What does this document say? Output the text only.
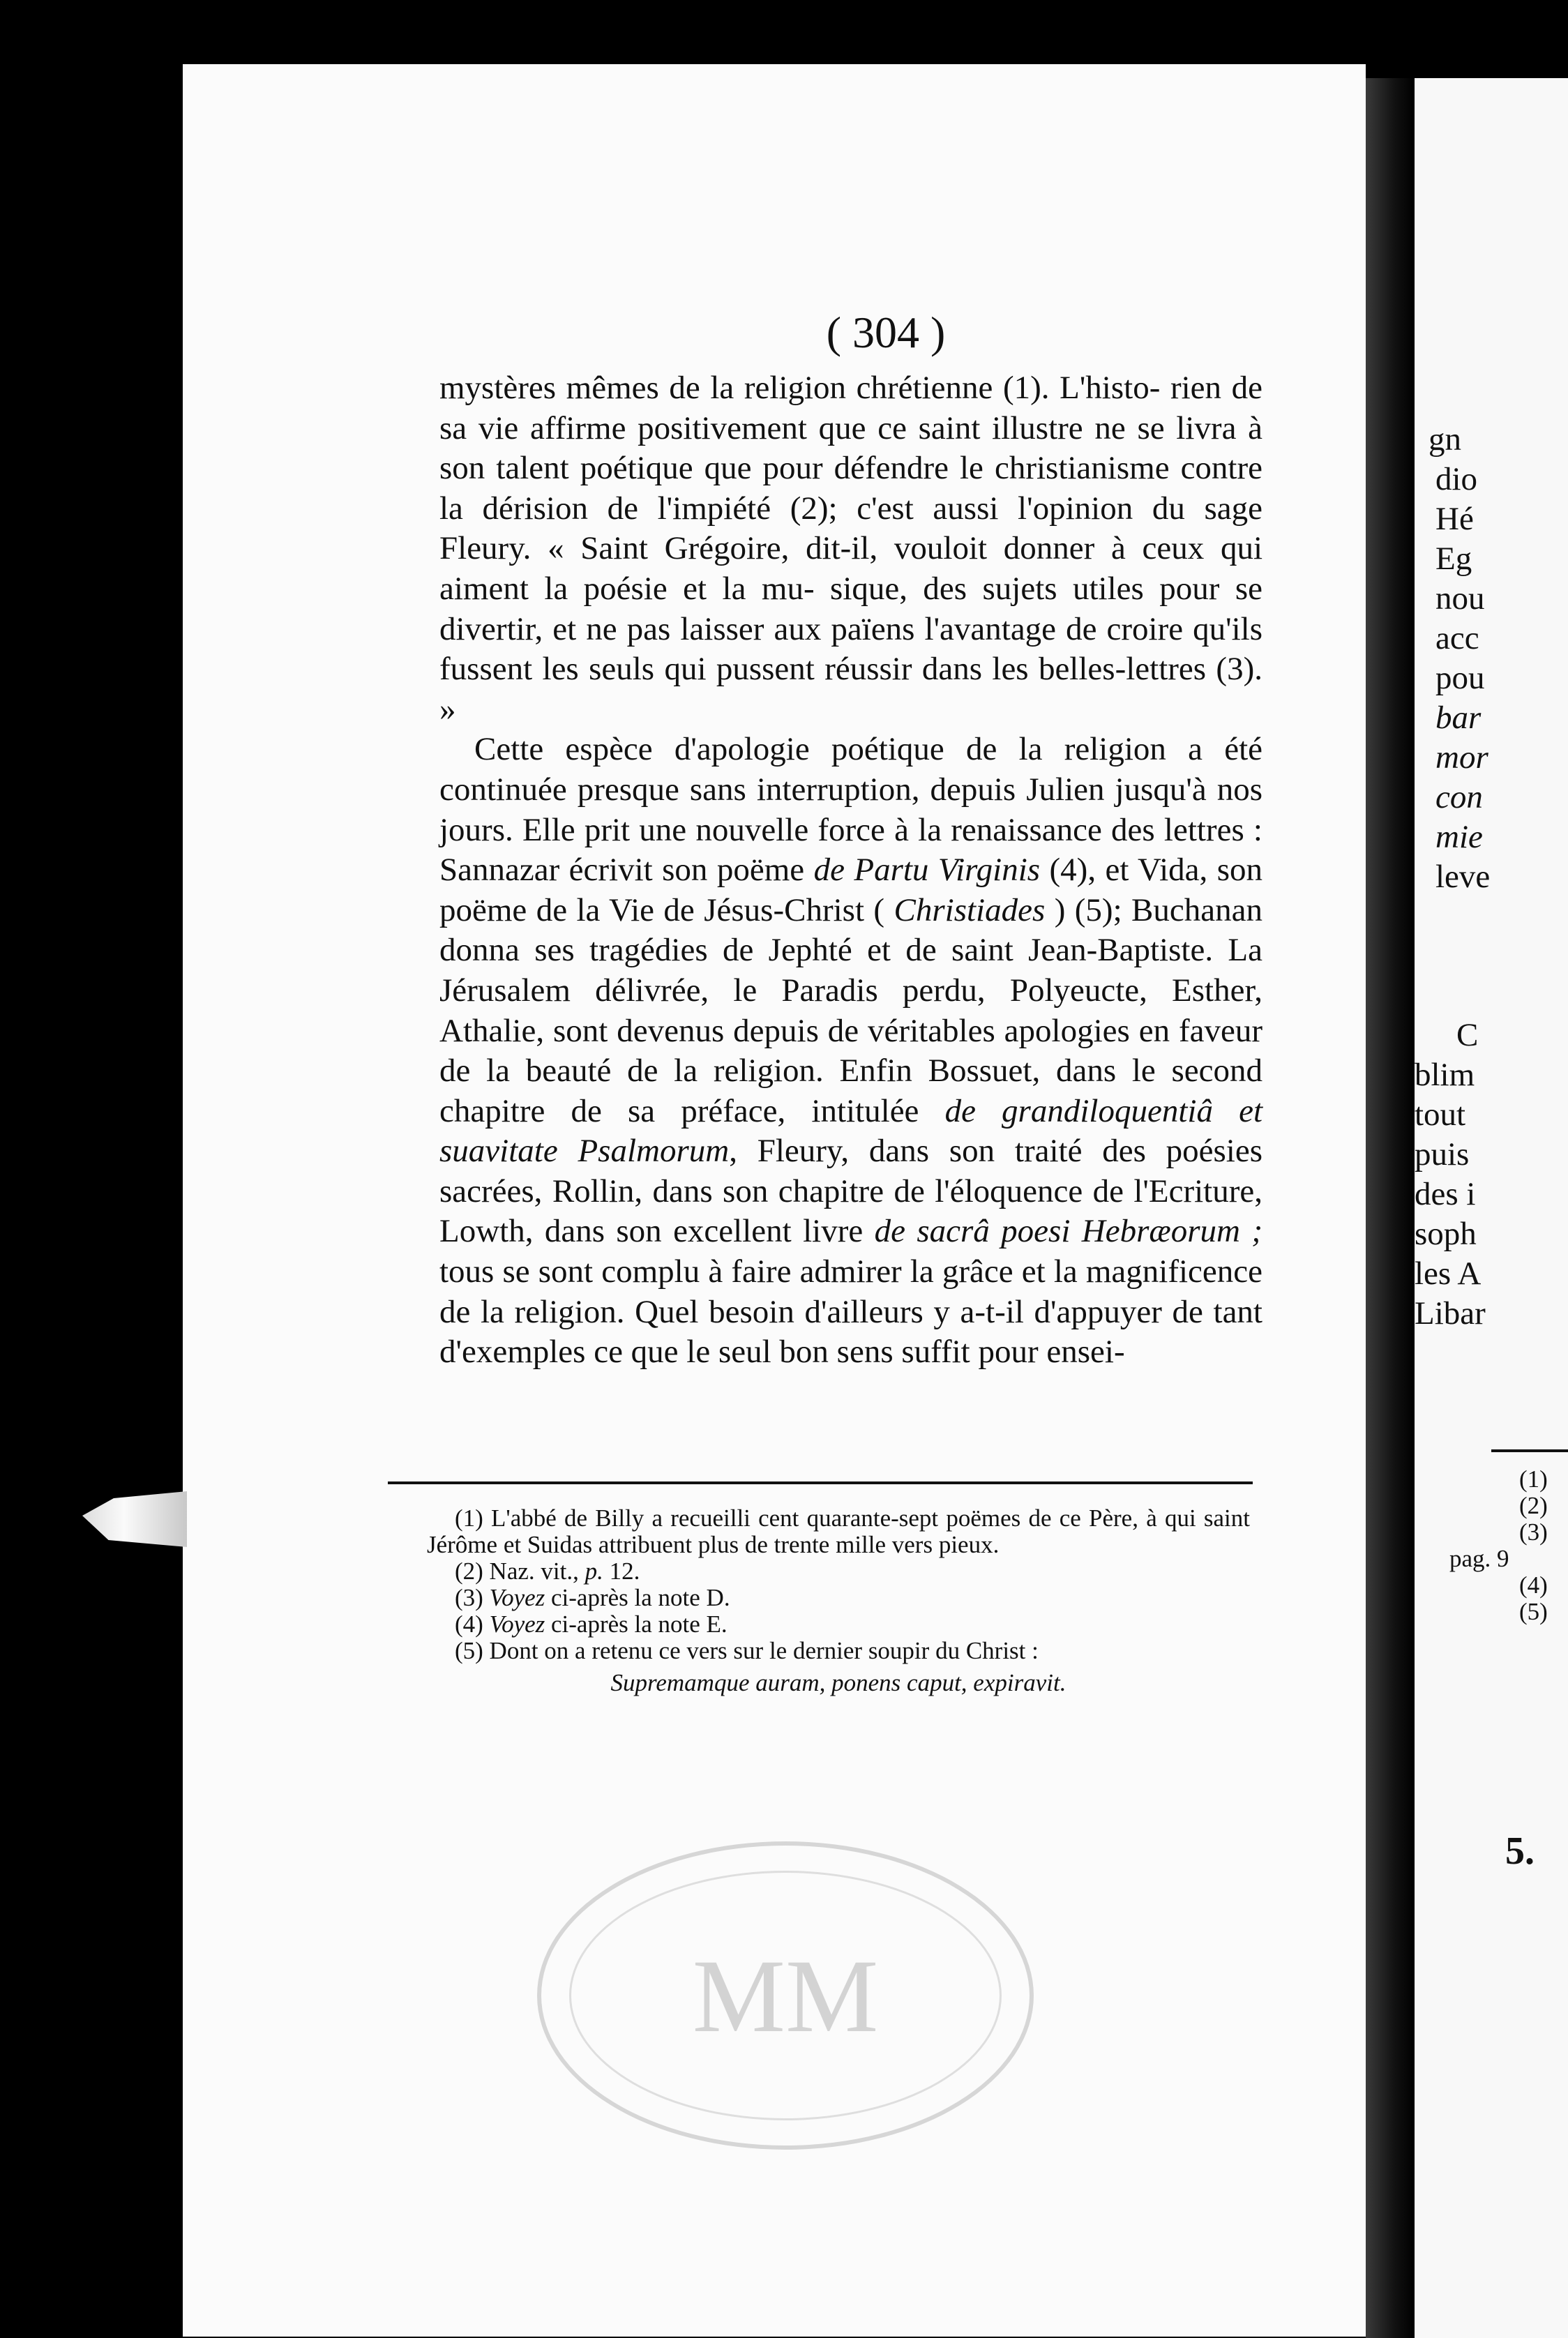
gn
dio
Hé
Eg
nou
acc
pou
bar
mor
con
mie
leve
C
blim
tout
puis
des i
soph
les A
Libar
(1)
(2)
(3)
pag. 9
(4)
(5)
5.
( 304 )

mystères mêmes de la religion chrétienne (1). L'histo- rien de sa vie affirme positivement que ce saint illustre ne se livra à son talent poétique que pour défendre le christianisme contre la dérision de l'impiété (2); c'est aussi l'opinion du sage Fleury. « Saint Grégoire, dit-il, vouloit donner à ceux qui aiment la poésie et la mu- sique, des sujets utiles pour se divertir, et ne pas laisser aux païens l'avantage de croire qu'ils fussent les seuls qui pussent réussir dans les belles-lettres (3). »

Cette espèce d'apologie poétique de la religion a été continuée presque sans interruption, depuis Julien jusqu'à nos jours. Elle prit une nouvelle force à la renaissance des lettres : Sannazar écrivit son poëme de Partu Virginis (4), et Vida, son poëme de la Vie de Jésus-Christ ( Christiades ) (5); Buchanan donna ses tragédies de Jephté et de saint Jean-Baptiste. La Jérusalem délivrée, le Paradis perdu, Polyeucte, Esther, Athalie, sont devenus depuis de véritables apologies en faveur de la beauté de la religion. Enfin Bossuet, dans le second chapitre de sa préface, intitulée de grandiloquentiâ et suavitate Psalmorum, Fleury, dans son traité des poésies sacrées, Rollin, dans son chapitre de l'éloquence de l'Ecriture, Lowth, dans son excellent livre de sacrâ poesi Hebræorum ; tous se sont complu à faire admirer la grâce et la magnificence de la religion. Quel besoin d'ailleurs y a-t-il d'appuyer de tant d'exemples ce que le seul bon sens suffit pour ensei-

(1) L'abbé de Billy a recueilli cent quarante-sept poëmes de ce Père, à qui saint Jérôme et Suidas attribuent plus de trente mille vers pieux.

(2) Naz. vit., p. 12.

(3) Voyez ci-après la note D.

(4) Voyez ci-après la note E.

(5) Dont on a retenu ce vers sur le dernier soupir du Christ :

Supremamque auram, ponens caput, expiravit.

MM
